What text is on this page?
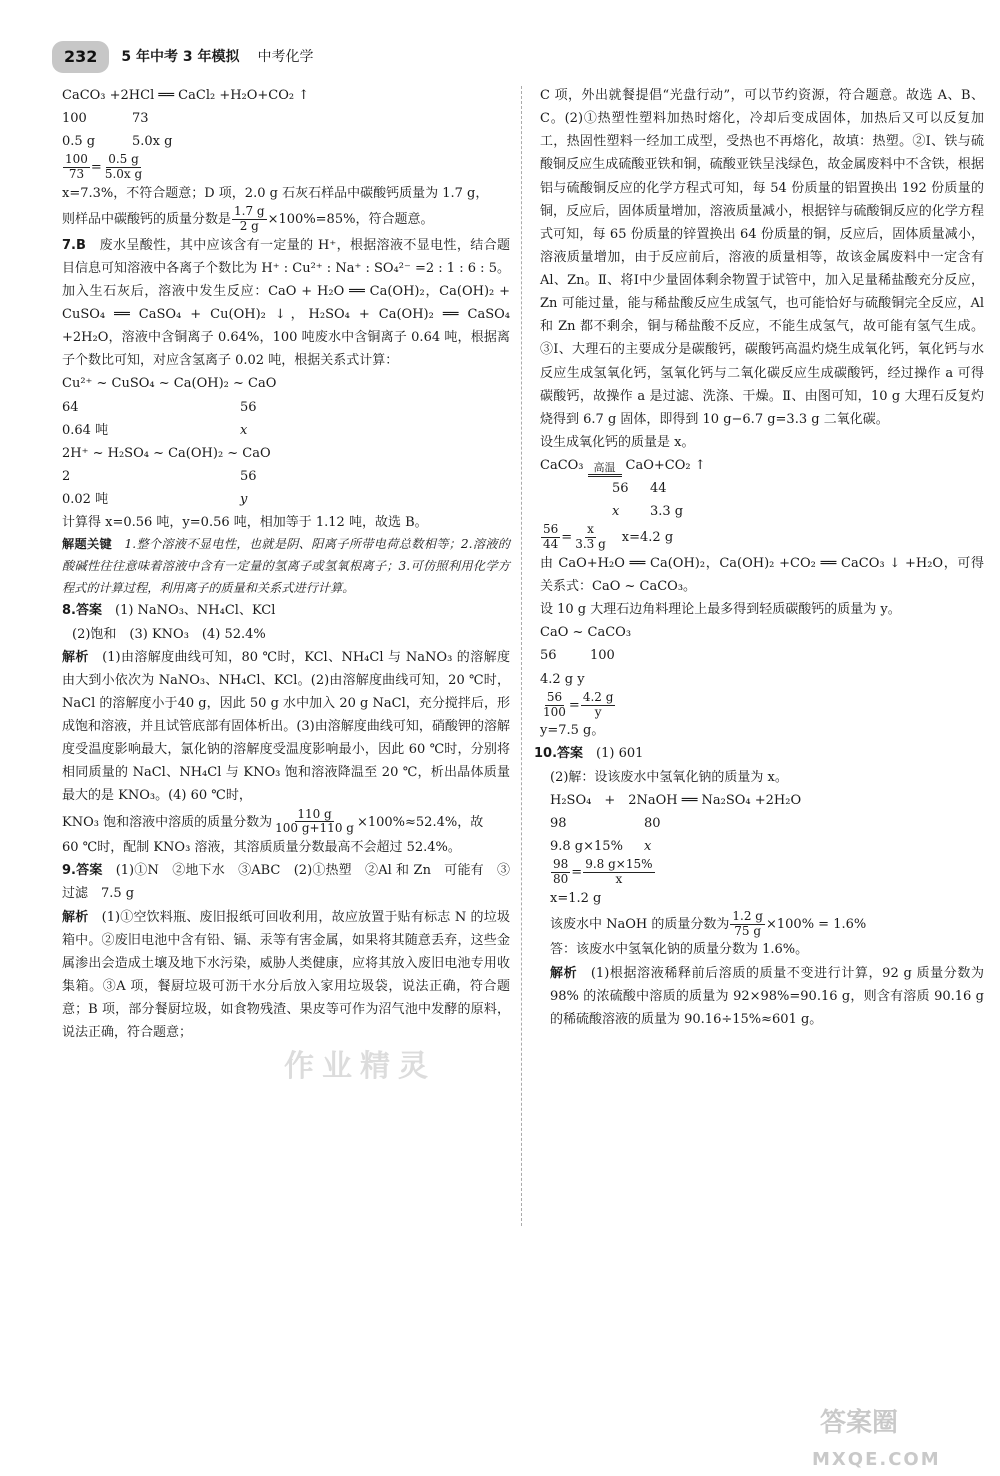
232	5 年中考 3 年模拟 中考化学

CaCO₃ +2HCl ══ CaCl₂ +H₂O+CO₂ ↑

100	73

0.5 g	5.0x g

$\frac{100}{73} = \frac{0.5 g}{\text{5.0x g}}$

x=7.3%，不符合题意；D 项，2.0 g 石灰石样品中碳酸钙质量为 1.7 g，

则样品中碳酸钙的质量分数是 $\frac{1.7 g}{2 g} \times 100\%=85\%$，符合题意。

7.B　 废水呈酸性，其中应该含有一定量的 H⁺，根据溶液不显电性，结合题目信息可知溶液中各离子个数比为 H⁺ : Cu²⁺ : Na⁺ : SO₄²⁻ =2 : 1 : 6 : 5。加入生石灰后，溶液中发生反应：CaO + H₂O ══ Ca(OH)₂，Ca(OH)₂ + CuSO₄ ══ CaSO₄ + Cu(OH)₂ ↓，H₂SO₄ + Ca(OH)₂ ══ CaSO₄ +2H₂O，溶液中含铜离子 0.64%，100 吨废水中含铜离子 0.64 吨，根据离子个数比可知，对应含氢离子 0.02 吨，根据关系式计算：

Cu²⁺ ~ CuSO₄ ~ Ca(OH)₂ ~ CaO

64	56

0.64 吨	x

2H⁺ ~ H₂SO₄ ~ Ca(OH)₂ ~ CaO

2	56

0.02 吨	y

计算得 x=0.56 吨，y=0.56 吨，相加等于 1.12 吨，故选 B。

解题关键　 1.整个溶液不显电性，也就是阴、阳离子所带电荷总数相等；2.溶液的酸碱性往往意味着溶液中含有一定量的氢离子或氢氧根离子；3.可仿照利用化学方程式的计算过程，利用离子的质量和关系式进行计算。

8.答案　 (1) NaNO₃、NH₄Cl、KCl

(2)饱和　(3) KNO₃　(4) 52.4%

解析　 (1)由溶解度曲线可知，80 ℃时，KCl、NH₄Cl 与 NaNO₃ 的溶解度由大到小依次为 NaNO₃、NH₄Cl、KCl。(2)由溶解度曲线可知，20 ℃时，NaCl 的溶解度小于40 g，因此 50 g 水中加入 20 g NaCl，充分搅拌后，形成饱和溶液，并且试管底部有固体析出。(3)由溶解度曲线可知，硝酸钾的溶解度受温度影响最大，氯化钠的溶解度受温度影响最小，因此 60 ℃时，分别将相同质量的 NaCl、NH₄Cl 与 KNO₃ 饱和溶液降温至 20 ℃，析出晶体质量最大的是 KNO₃。(4) 60 ℃时，

KNO₃ 饱和溶液中溶质的质量分数为 $\frac{110 g}{100 g+110 g} \times 100\%\approx 52.4\%$，故

60 ℃时，配制 KNO₃ 溶液，其溶质质量分数最高不会超过 52.4%。

9.答案　 (1)①N　②地下水　③ABC　(2)①热塑　②Al 和 Zn　可能有　③过滤　7.5 g

解析　 (1)①空饮料瓶、废旧报纸可回收利用，故应放置于贴有标志 N 的垃圾箱中。②废旧电池中含有铅、镉、汞等有害金属，如果将其随意丢弃，这些金属渗出会造成土壤及地下水污染，威胁人类健康，应将其放入废旧电池专用收集箱。③A 项，餐厨垃圾可沥干水分后放入家用垃圾袋，说法正确，符合题意；B 项，部分餐厨垃圾，如食物残渣、果皮等可作为沼气池中发酵的原料，说法正确，符合题意；

C 项，外出就餐提倡“光盘行动”，可以节约资源，符合题意。故选 A、B、C。(2)①热塑性塑料加热时熔化，冷却后变成固体，加热后又可以反复加工，热固性塑料一经加工成型，受热也不再熔化，故填：热塑。②Ⅰ、铁与硫酸铜反应生成硫酸亚铁和铜，硫酸亚铁呈浅绿色，故金属废料中不含铁，根据铝与硫酸铜反应的化学方程式可知，每 54 份质量的铝置换出 192 份质量的铜，反应后，固体质量增加，溶液质量减小，根据锌与硫酸铜反应的化学方程式可知，每 65 份质量的锌置换出 64 份质量的铜，反应后，固体质量减小，溶液质量增加，由于反应前后，溶液的质量相等，故该金属废料中一定含有 Al、Zn。Ⅱ、将Ⅰ中少量固体剩余物置于试管中，加入足量稀盐酸充分反应，Zn 可能过量，能与稀盐酸反应生成氢气，也可能恰好与硫酸铜完全反应，Al 和 Zn 都不剩余，铜与稀盐酸不反应，不能生成氢气，故可能有氢气生成。③Ⅰ、大理石的主要成分是碳酸钙，碳酸钙高温灼烧生成氧化钙，氧化钙与水反应生成氢氧化钙，氢氧化钙与二氧化碳反应生成碳酸钙，经过操作 a 可得碳酸钙，故操作 a 是过滤、洗涤、干燥。Ⅱ、由图可知，10 g 大理石反复灼烧得到 6.7 g 固体，即得到 10 g−6.7 g=3.3 g 二氧化碳。

设生成氧化钙的质量是 x。

CaCO₃ 高温 CaO+CO₂ ↑

56	44

x	3.3 g

$\frac{56}{44} = \frac{x}{3.3 g}$
　 x=4.2 g

由 CaO+H₂O ══ Ca(OH)₂，Ca(OH)₂ +CO₂ ══ CaCO₃ ↓ +H₂O，可得关系式：CaO ~ CaCO₃。

设 10 g 大理石边角料理论上最多得到轻质碳酸钙的质量为 y。

CaO ~ CaCO₃

56	100

4.2 g y

$\frac{56}{100} = \frac{4.2 g}{y}$

y=7.5 g。

10.答案　 (1) 601

(2)解：设该废水中氢氧化钠的质量为 x。

H₂SO₄　+　2NaOH ══ Na₂SO₄ +2H₂O

98	80

9.8 g×15%	x

$\frac{98}{80} = \frac{9.8 g\times 15\%}{x}$

x=1.2 g

该废水中 NaOH 的质量分数为 $\frac{1.2 g}{75 g} \times 100\% = 1.6\%$

答：该废水中氢氧化钠的质量分数为 1.6%。

解析　 (1)根据溶液稀释前后溶质的质量不变进行计算，92 g 质量分数为 98% 的浓硫酸中溶质的质量为 92×98%=90.16 g，则含有溶质 90.16 g 的稀硫酸溶液的质量为 90.16÷15%≈601 g。

作业精灵
答案圈
MXQE.COM
